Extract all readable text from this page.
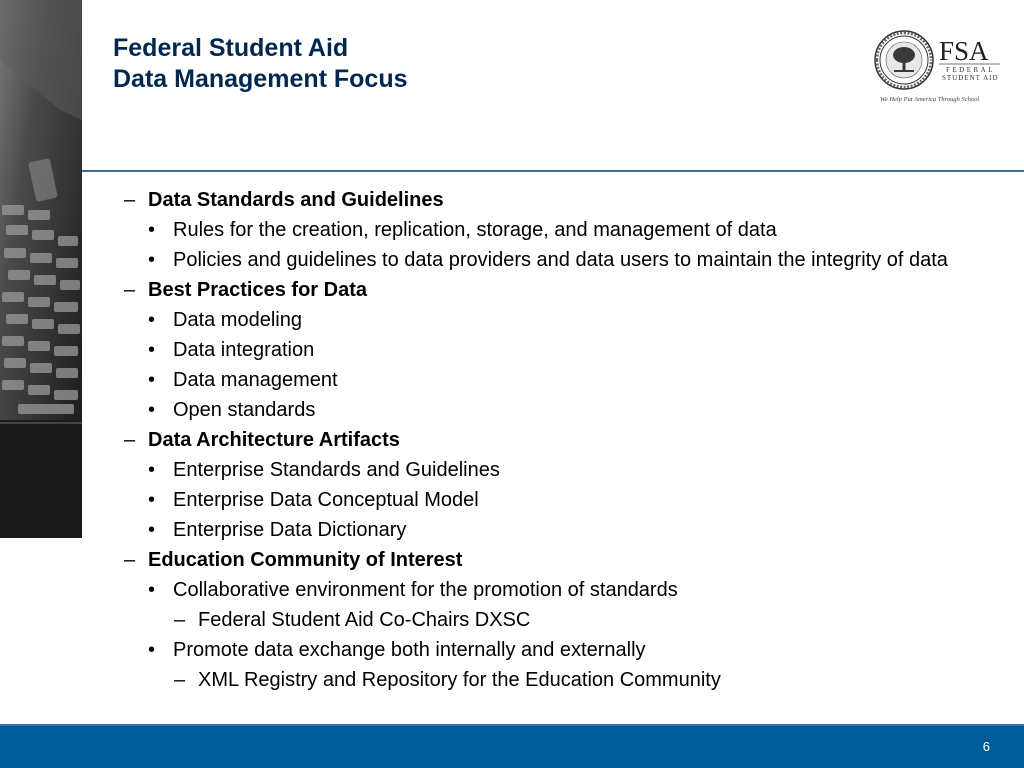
Federal Student Aid
Data Management Focus
FSA
FEDERAL
STUDENT AID
We Help Put America Through School
– Data Standards and Guidelines
• Rules for the creation, replication, storage, and management of data
• Policies and guidelines to data providers and data users to maintain the integrity of data
– Best Practices for Data
• Data modeling
• Data integration
• Data management
• Open standards
– Data Architecture Artifacts
• Enterprise Standards and Guidelines
• Enterprise Data Conceptual Model
• Enterprise Data Dictionary
– Education Community of Interest
• Collaborative environment for the promotion of standards
– Federal Student Aid Co-Chairs DXSC
• Promote data exchange both internally and externally
– XML Registry and Repository for the Education Community
6
